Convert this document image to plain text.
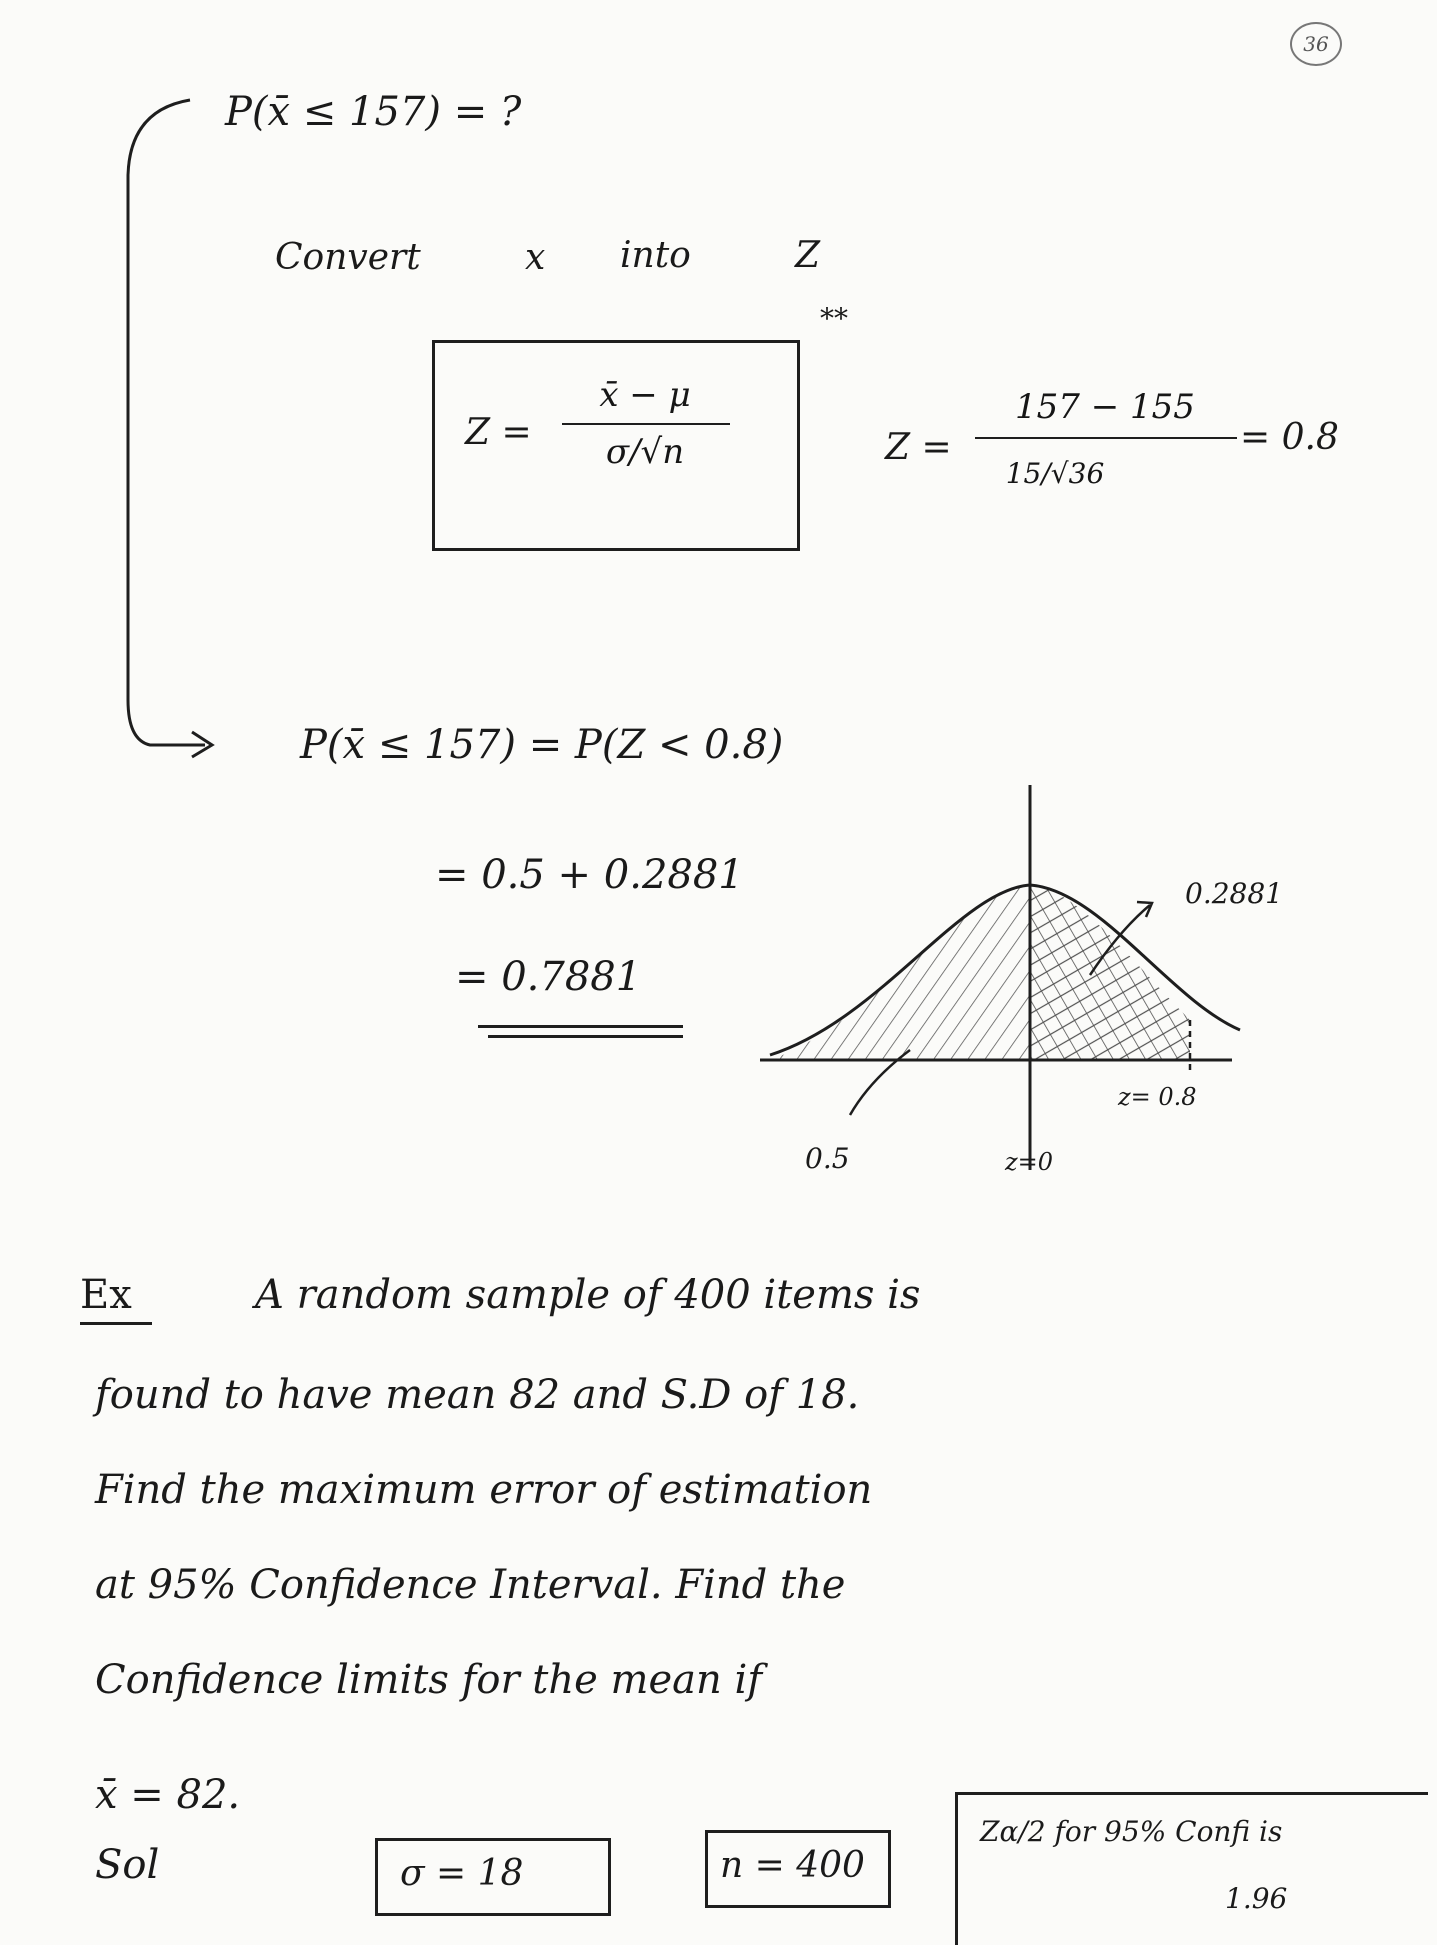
36
P(x̄ ≤ 157) = ?
Convert	x into	Z
**
Z =
x̄ − μ
σ/√n	Z =
157 − 155
15/√36
= 0.8
P(x̄ ≤ 157) = P(Z < 0.8)
= 0.5 + 0.2881
= 0.7881
0.2881
0.5	z=0
z= 0.8
Ex	A random sample of 400 items is
found to have mean 82 and S.D of 18.
Find the maximum error of estimation
at 95% Confidence Interval. Find the
Confidence limits for the mean if
x̄ = 82.
Sol	σ = 18	n = 400
Zα/2 for 95% Confi is
1.96
